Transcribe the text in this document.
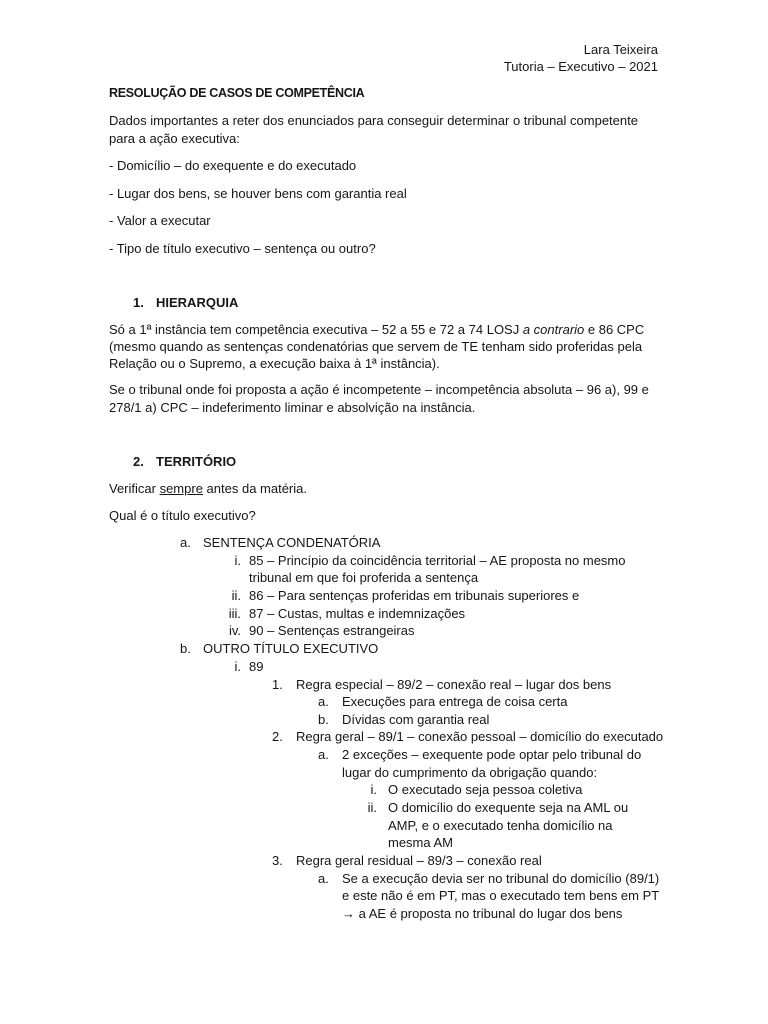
Lara Teixeira
Tutoria – Executivo – 2021
RESOLUÇÃO DE CASOS DE COMPETÊNCIA
Dados importantes a reter dos enunciados para conseguir determinar o tribunal competente
para a ação executiva:
- Domicílio – do exequente e do executado
- Lugar dos bens, se houver bens com garantia real
- Valor a executar
- Tipo de título executivo – sentença ou outro?
1. HIERARQUIA
Só a 1ª instância tem competência executiva – 52 a 55 e 72 a 74 LOSJ a contrario e 86 CPC
(mesmo quando as sentenças condenatórias que servem de TE tenham sido proferidas pela
Relação ou o Supremo, a execução baixa à 1ª instância).
Se o tribunal onde foi proposta a ação é incompetente – incompetência absoluta – 96 a), 99 e
278/1 a) CPC – indeferimento liminar e absolvição na instância.
2. TERRITÓRIO
Verificar sempre antes da matéria.
Qual é o título executivo?
a. SENTENÇA CONDENATÓRIA
i. 85 – Princípio da coincidência territorial – AE proposta no mesmo
tribunal em que foi proferida a sentença
ii. 86 – Para sentenças proferidas em tribunais superiores e
iii. 87 – Custas, multas e indemnizações
iv. 90 – Sentenças estrangeiras
b. OUTRO TÍTULO EXECUTIVO
i. 89
1. Regra especial – 89/2 – conexão real – lugar dos bens
a. Execuções para entrega de coisa certa
b. Dívidas com garantia real
2. Regra geral – 89/1 – conexão pessoal – domicílio do executado
a. 2 exceções – exequente pode optar pelo tribunal do
lugar do cumprimento da obrigação quando:
i. O executado seja pessoa coletiva
ii. O domicílio do exequente seja na AML ou
AMP, e o executado tenha domicílio na
mesma AM
3. Regra geral residual – 89/3 – conexão real
a. Se a execução devia ser no tribunal do domicílio (89/1)
e este não é em PT, mas o executado tem bens em PT
→ a AE é proposta no tribunal do lugar dos bens
